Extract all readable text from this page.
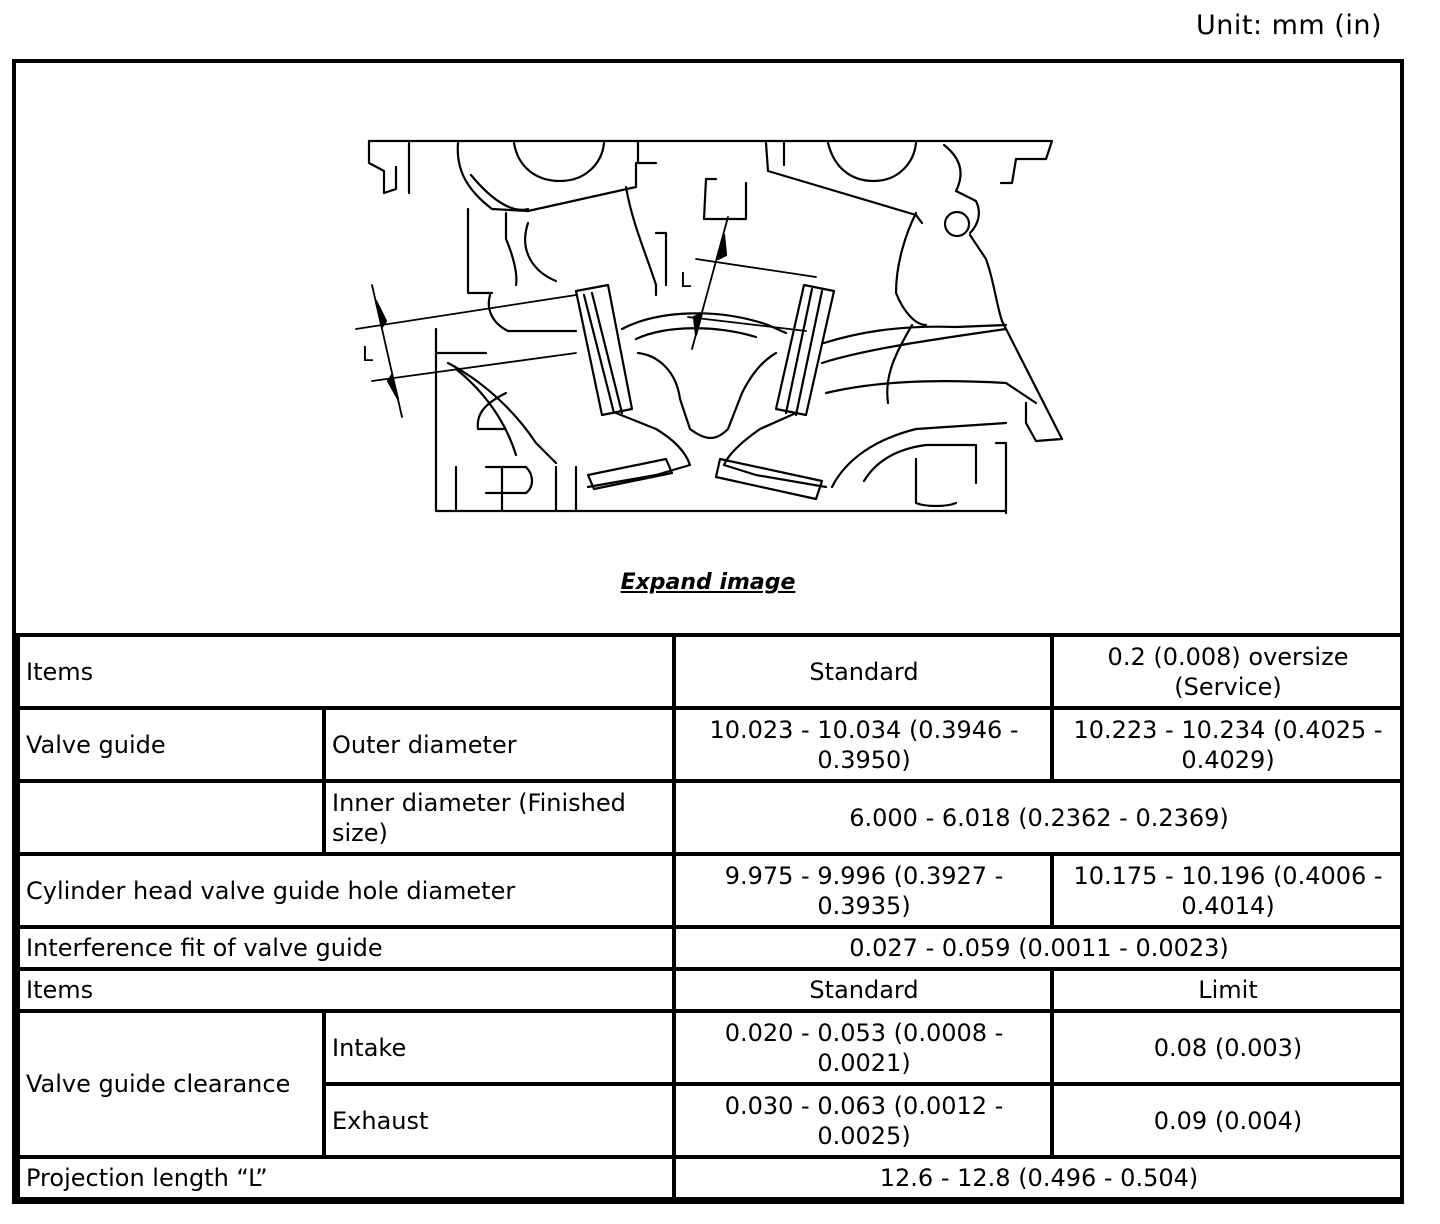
Unit: mm (in)
L
L
Expand image
Items		Standard	0.2 (0.008) oversize (Service)
Valve guide	Outer diameter	10.023 - 10.034 (0.3946 - 0.3950)	10.223 - 10.234 (0.4025 - 0.4029)
	Inner diameter (Finished size)	6.000 - 6.018 (0.2362 - 0.2369)	
Cylinder head valve guide hole diameter		9.975 - 9.996 (0.3927 - 0.3935)	10.175 - 10.196 (0.4006 - 0.4014)
Interference fit of valve guide		0.027 - 0.059 (0.0011 - 0.0023)	
Items		Standard	Limit
Valve guide clearance	Intake	0.020 - 0.053 (0.0008 - 0.0021)	0.08 (0.003)
	Exhaust	0.030 - 0.063 (0.0012 - 0.0025)	0.09 (0.004)
Projection length “L”		12.6 - 12.8 (0.496 - 0.504)	
